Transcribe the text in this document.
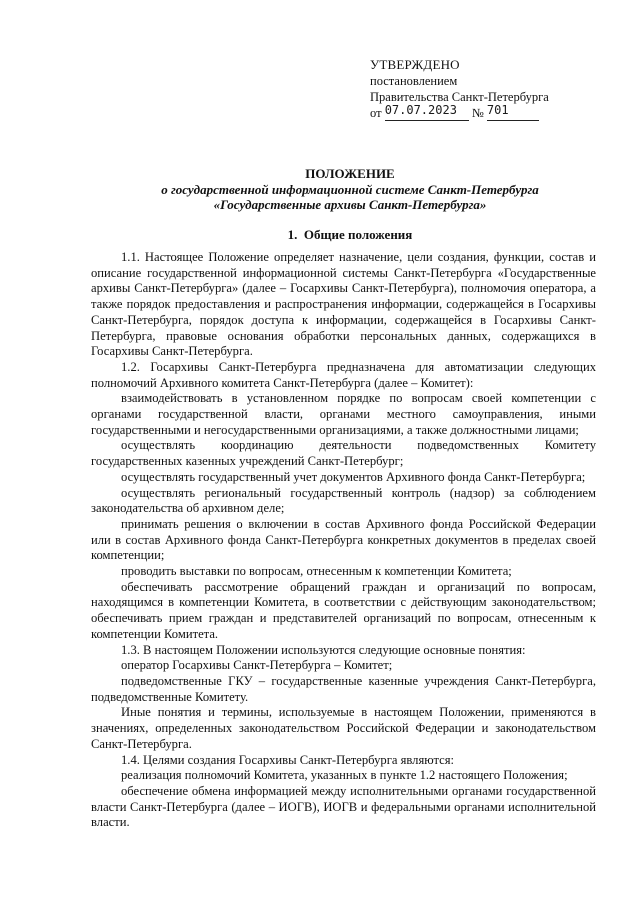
УТВЕРЖДЕНО
постановлением
Правительства Санкт-Петербурга
от 07.07.2023 № 701
ПОЛОЖЕНИЕ
о государственной информационной системе Санкт-Петербурга
«Государственные архивы Санкт-Петербурга»
1. Общие положения

1.1. Настоящее Положение определяет назначение, цели создания, функции, состав и описание государственной информационной системы Санкт-Петербурга «Государственные архивы Санкт-Петербурга» (далее – Госархивы Санкт-Петербурга), полномочия оператора, а также порядок предоставления и распространения информации, содержащейся в Госархивы Санкт-Петербурга, порядок доступа к информации, содержащейся в Госархивы Санкт-Петербурга, правовые основания обработки персональных данных, содержащихся в Госархивы Санкт-Петербурга.

1.2. Госархивы Санкт-Петербурга предназначена для автоматизации следующих полномочий Архивного комитета Санкт-Петербурга (далее – Комитет):

взаимодействовать в установленном порядке по вопросам своей компетенции с органами государственной власти, органами местного самоуправления, иными государственными и негосударственными организациями, а также должностными лицами;

осуществлять координацию деятельности подведомственных Комитету государственных казенных учреждений Санкт-Петербург;

осуществлять государственный учет документов Архивного фонда Санкт-Петербурга;

осуществлять региональный государственный контроль (надзор) за соблюдением законодательства об архивном деле;

принимать решения о включении в состав Архивного фонда Российской Федерации или в состав Архивного фонда Санкт-Петербурга конкретных документов в пределах своей компетенции;

проводить выставки по вопросам, отнесенным к компетенции Комитета;

обеспечивать рассмотрение обращений граждан и организаций по вопросам, находящимся в компетенции Комитета, в соответствии с действующим законодательством; обеспечивать прием граждан и представителей организаций по вопросам, отнесенным к компетенции Комитета.

1.3. В настоящем Положении используются следующие основные понятия:

оператор Госархивы Санкт-Петербурга – Комитет;

подведомственные ГКУ – государственные казенные учреждения Санкт-Петербурга, подведомственные Комитету.

Иные понятия и термины, используемые в настоящем Положении, применяются в значениях, определенных законодательством Российской Федерации и законодательством Санкт-Петербурга.

1.4. Целями создания Госархивы Санкт-Петербурга являются:

реализация полномочий Комитета, указанных в пункте 1.2 настоящего Положения;

обеспечение обмена информацией между исполнительными органами государственной власти Санкт-Петербурга (далее – ИОГВ), ИОГВ и федеральными органами исполнительной власти.
